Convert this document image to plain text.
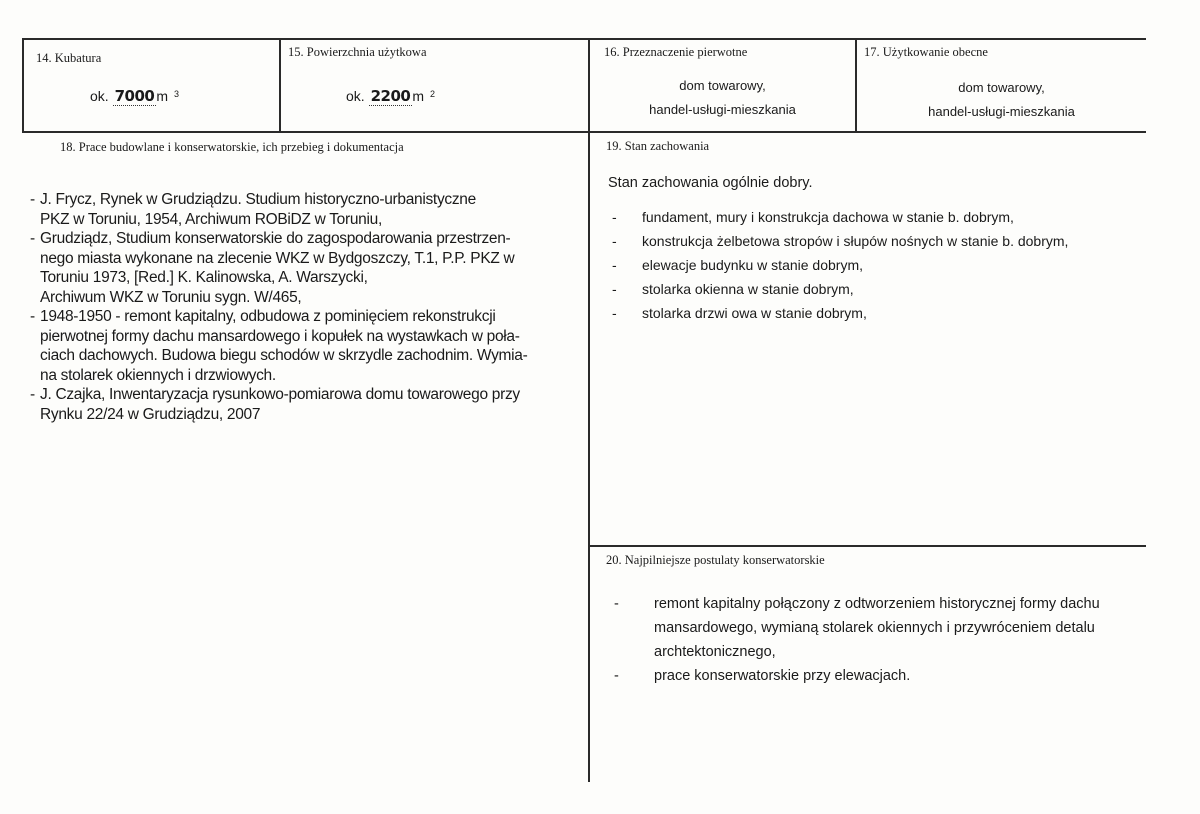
14. Kubatura
ok. 7000 m $^3$
15. Powierzchnia użytkowa
ok. 2200 m $^2$
16. Przeznaczenie pierwotne
dom towarowy,
handel-usługi-mieszkania
17. Użytkowanie obecne
dom towarowy,
handel-usługi-mieszkania
18. Prace budowlane i konserwatorskie, ich przebieg i dokumentacja
- J. Frycz, Rynek w Grudziądzu. Studium historyczno-urbanistyczne
PKZ w Toruniu, 1954, Archiwum ROBiDZ w Toruniu,
- Grudziądz, Studium konserwatorskie do zagospodarowania przestrzen-
nego miasta wykonane na zlecenie WKZ w Bydgoszczy, T.1, P.P. PKZ w
Toruniu 1973, [Red.] K. Kalinowska, A. Warszycki,
Archiwum WKZ w Toruniu sygn. W/465,
- 1948-1950 - remont kapitalny, odbudowa z pominięciem rekonstrukcji
pierwotnej formy dachu mansardowego i kopułek na wystawkach w poła-
ciach dachowych. Budowa biegu schodów w skrzydle zachodnim. Wymia-
na stolarek okiennych i drzwiowych.
- J. Czajka, Inwentaryzacja rysunkowo-pomiarowa domu towarowego przy
Rynku 22/24 w Grudziądzu, 2007
19. Stan zachowania
Stan zachowania ogólnie dobry.
-	fundament, mury i konstrukcja dachowa w stanie b. dobrym,
-	konstrukcja żelbetowa stropów i słupów nośnych w stanie b. dobrym,
-	elewacje budynku w stanie dobrym,
-	stolarka okienna w stanie dobrym,
-	stolarka drzwi owa w stanie dobrym,
20. Najpilniejsze postulaty konserwatorskie
- remont kapitalny połączony z odtworzeniem historycznej formy dachu
mansardowego, wymianą stolarek okiennych i przywróceniem detalu
archtektonicznego,
- prace konserwatorskie przy elewacjach.
